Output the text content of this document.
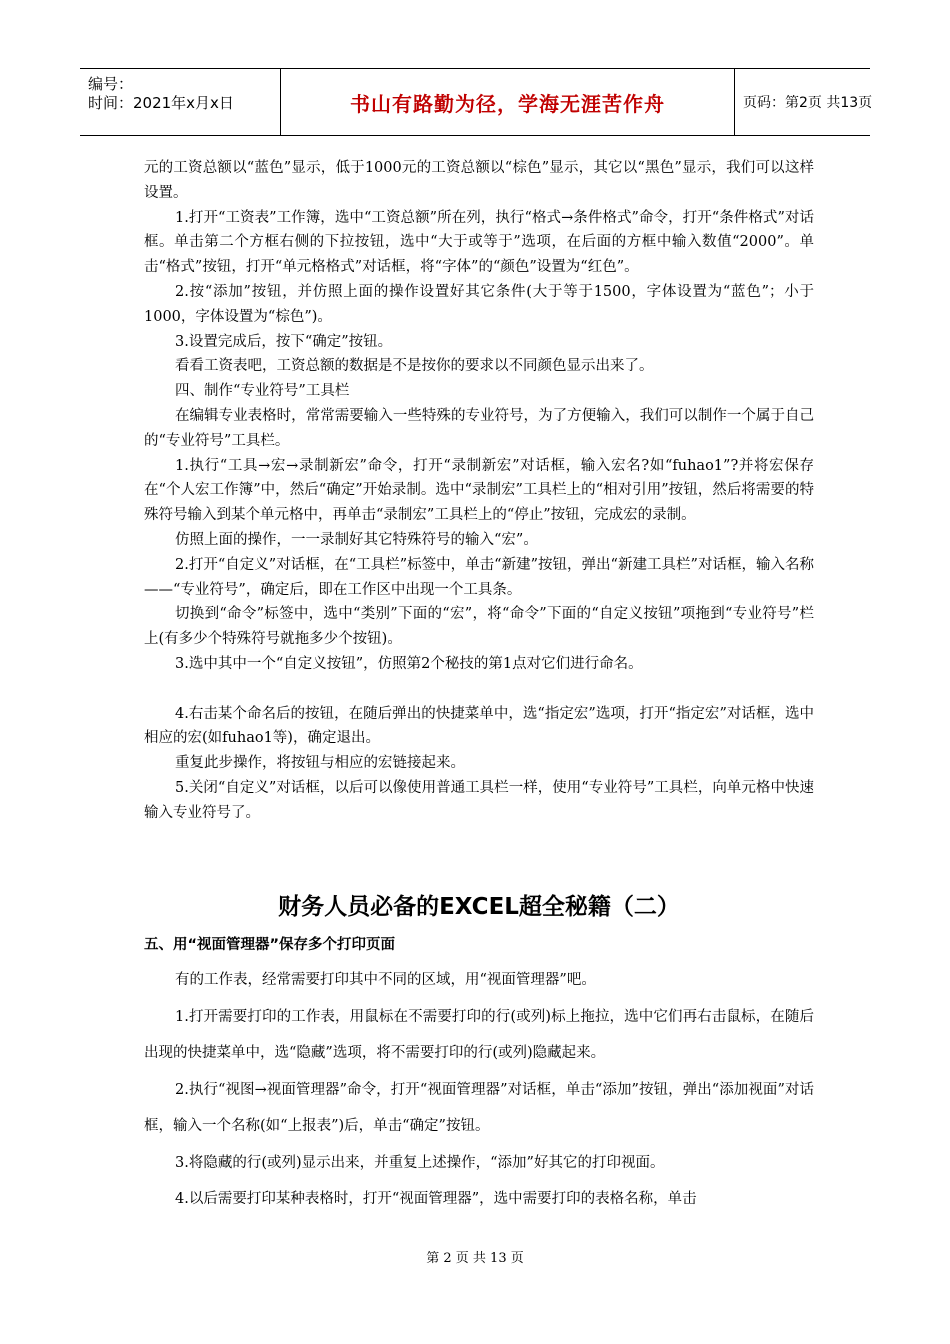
编号：
时间：2021年x月x日	书山有路勤为径，学海无涯苦作舟	页码：第2页 共13页

元的工资总额以“蓝色”显示，低于1000元的工资总额以“棕色”显示，其它以“黑色”显示，我们可以这样设置。

1.打开“工资表”工作簿，选中“工资总额”所在列，执行“格式→条件格式”命令，打开“条件格式”对话框。单击第二个方框右侧的下拉按钮，选中“大于或等于”选项，在后面的方框中输入数值“2000”。单击“格式”按钮，打开“单元格格式”对话框，将“字体”的“颜色”设置为“红色”。

2.按“添加”按钮，并仿照上面的操作设置好其它条件(大于等于1500，字体设置为“蓝色”；小于1000，字体设置为“棕色”)。

3.设置完成后，按下“确定”按钮。

看看工资表吧，工资总额的数据是不是按你的要求以不同颜色显示出来了。

四、制作“专业符号”工具栏

在编辑专业表格时，常常需要输入一些特殊的专业符号，为了方便输入，我们可以制作一个属于自己的“专业符号”工具栏。

1.执行“工具→宏→录制新宏”命令，打开“录制新宏”对话框，输入宏名?如“fuhao1”?并将宏保存在“个人宏工作簿”中，然后“确定”开始录制。选中“录制宏”工具栏上的“相对引用”按钮，然后将需要的特殊符号输入到某个单元格中，再单击“录制宏”工具栏上的“停止”按钮，完成宏的录制。

仿照上面的操作，一一录制好其它特殊符号的输入“宏”。

2.打开“自定义”对话框，在“工具栏”标签中，单击“新建”按钮，弹出“新建工具栏”对话框，输入名称——“专业符号”，确定后，即在工作区中出现一个工具条。

切换到“命令”标签中，选中“类别”下面的“宏”，将“命令”下面的“自定义按钮”项拖到“专业符号”栏上(有多少个特殊符号就拖多少个按钮)。

3.选中其中一个“自定义按钮”，仿照第2个秘技的第1点对它们进行命名。

4.右击某个命名后的按钮，在随后弹出的快捷菜单中，选“指定宏”选项，打开“指定宏”对话框，选中相应的宏(如fuhao1等)，确定退出。

重复此步操作，将按钮与相应的宏链接起来。

5.关闭“自定义”对话框，以后可以像使用普通工具栏一样，使用“专业符号”工具栏，向单元格中快速输入专业符号了。

财务人员必备的EXCEL超全秘籍（二）
五、用“视面管理器”保存多个打印页面

有的工作表，经常需要打印其中不同的区域，用“视面管理器”吧。

1.打开需要打印的工作表，用鼠标在不需要打印的行(或列)标上拖拉，选中它们再右击鼠标，在随后出现的快捷菜单中，选“隐藏”选项，将不需要打印的行(或列)隐藏起来。

2.执行“视图→视面管理器”命令，打开“视面管理器”对话框，单击“添加”按钮，弹出“添加视面”对话框，输入一个名称(如“上报表”)后，单击“确定”按钮。

3.将隐藏的行(或列)显示出来，并重复上述操作，“添加”好其它的打印视面。

4.以后需要打印某种表格时，打开“视面管理器”，选中需要打印的表格名称，单击

第 2 页 共 13 页
